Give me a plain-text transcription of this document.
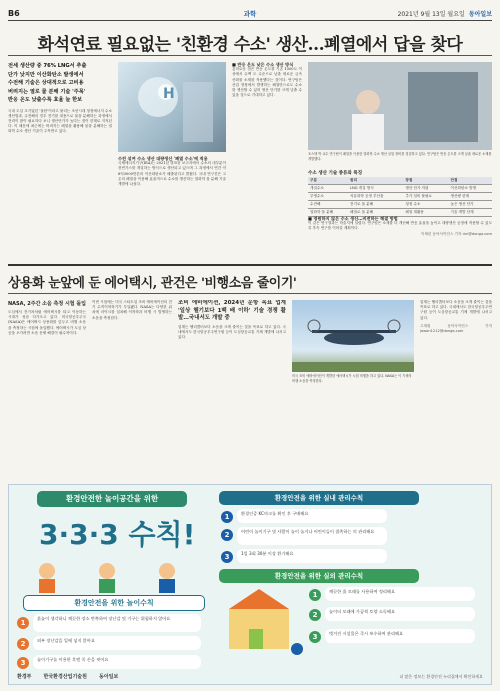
B6	과학	2021년 9월 13일 월요일 동아일보
화석연료 필요없는 '친환경 수소' 생산…폐열에서 답을 찾다
전세 생산량 중 76% LNG서 추출
단가 낮지만 이산화탄소 발생에서
수전해 기술은 상대적으로 고비용
버려지는 열로 물 분해 기술 '주목'
반응 온도 낮출수록 효율 늘 한보
국내 도입 초기였던 '물탄'이라고 불리는 조선시대 청정에너지 수소 생산법과, 수전해의 경우 전기를 대용으로 물을 분해하는 과정에서 전력이 많이 필요하다 보니 생산단가가 높다는 점이 한계로 지적된다. 이 때문에 최근에는 버려지는 폐열을 활용해 물을 분해하는 열화학 수소 생산 기술이 주목받고 있다.
H
수전 섞여 수소 생산 대량생산 '폐열 수소'에 적용
국제에너지기구(IEA)는 2021년 발표한 보고서에서 수소의 대부분이 천연가스를 개질하는 방식으로 생산되고 있으며 그 과정에서 연간 약 8억3000만톤의 이산화탄소가 배출된다고 밝혔다. 국내 연구진은 고온의 폐열을 이용해 효율적으로 수소를 생산하는 열화학 물 분해 기술 개발에 나섰다.
■ 반응 온도 낮은 수소 생산 방식
흥미로운 점은 반응 온도를 기존 1500도 이상에서 수백 도 수준으로 낮춘 새로운 금속 산화물 소재를 적용했다는 것이다. 연구팀은 산업 현장에서 발생하는 폐열만으로도 수소를 생산할 수 있어 생산 단가를 크게 낮출 수 있을 것으로 기대하고 있다.
포스텍 박 교수 연구팀이 폐열을 이용한 열화학 수소 생산 실험 장비를 점검하고 있다. 연구팀은 반응 온도를 크게 낮춘 새로운 소재를 개발했다.
수소 생산 기술 종류와 특징
구분	원리	장점	단점
개질수소	LNG 개질 방식	생산 단가 저렴	이산화탄소 발생
부생수소	석유화학 공정 부산물	추가 설비 불필요	생산량 한계
수전해	전기로 물 분해	청정 수소	높은 생산 단가
열화학 물 분해	폐열로 물 분해	폐열 재활용	기술 개발 단계
■ 영원하지 않은 수소 생산…비전하는 해결 방법
이 같은 연구결과는 학술지에 실렸다. 연구팀은 소재를 더 개선해 반응 효율을 높이고 대량생산 공정에 적용할 수 있도록 후속 연구를 이어갈 계획이다.
이채린 동아사이언스 기자 rini@donga.com
상용화 눈앞에 둔 에어택시, 관건은 '비행소음 줄이기'
NASA, 2주간 소음 측정 시험 돌입
도심에서 전기차처럼 에어택시를 타고 이동하는 시대가 성큼 다가오고 있다. 미국항공우주국(NASA)은 에어택시 상용화를 앞두고 비행 소음을 측정하는 시험에 돌입했다. 에어택시가 도심 상공을 오가려면 소음 문제 해결이 필수적이다.
이번 시험에는 미국 스타트업 조비 에비에이션의 전기 수직이착륙기가 투입됐다. NASA는 다양한 위치에 마이크를 설치해 이착륙과 비행 시 발생하는 소음을 측정한다.
조비 에비에이션, 2024년 운항 목표 업계 '일상 헬기보다 1백 배 이하' 기술 경쟁 활발…국내서도 개발 중
업계는 헬리콥터보다 소음을 크게 줄이는 것을 목표로 하고 있다. 국내에서도 한국항공우주연구원 등이 도심항공교통 기체 개발에 나서고 있다.
미국 조비 에비에이션이 개발한 에어택시가 시험 비행을 하고 있다. NASA는 이 기체의 비행 소음을 측정한다.
업계는 헬리콥터보다 소음을 크게 줄이는 것을 목표로 하고 있다. 국내에서도 한국항공우주연구원 등이 도심항공교통 기체 개발에 나서고 있다.
고재원 동아사이언스 기자 jawon1212@donga.com
환경안전한 놀이공간을 위한
3·3·3 수칙!
환경안전을 위한 놀이수칙
1
흙놀이 생각하니 깨끗한 장소 반쪽하여 장난감 및 기구는 위험하지 않아요
2	외부 장난감을 입에 넣지 않아요
3	놀이기구를 이용한 후엔 꼭 손을 씻어요
환경안전을 위한 실내 관리수칙
1	환경인증 KC마크를 확인 후 구매해요
2	어린이 놀이기구 및 사람이 놀이 놀거나 어린이들이 접촉하는 의 관리해요
3	1일 3회 30분 이상 환기해요
환경안전을 위한 실외 관리수칙
1	깨끗한 흙 모래를 사용하여 정리해요
2	놀이터 모래에 가끔씩 토양 소독해요
3	벗겨진 시설물은 즉시 보수하여 관리해요
환경부 한국환경산업기술원 동아일보	더 많은 정보는 환경안전 누리집에서 확인하세요
